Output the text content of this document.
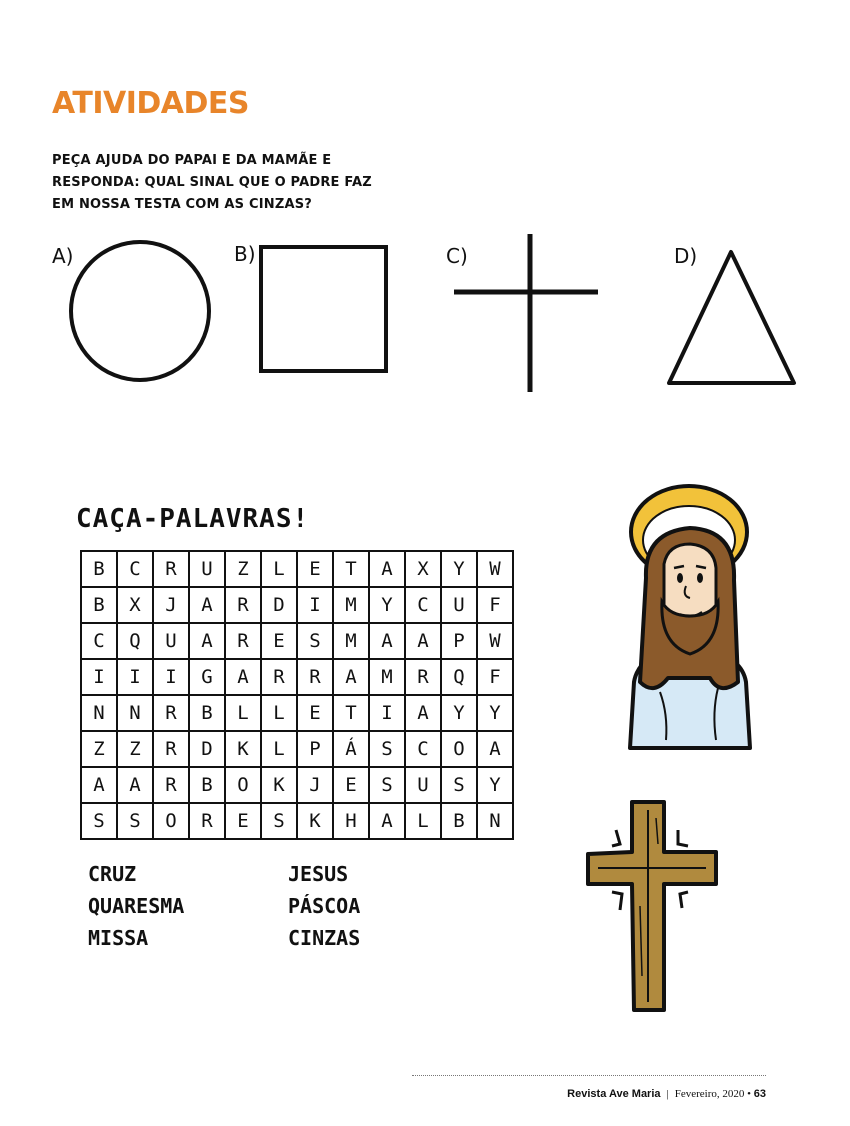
ATIVIDADES

PEÇA AJUDA DO PAPAI E DA MAMÃE E RESPONDA: QUAL SINAL QUE O PADRE FAZ EM NOSSA TESTA COM AS CINZAS?

A)	B)	C)	D)
CAÇA-PALAVRAS!
B	C	R	U	Z	L	E	T	A	X	Y	W
B	X	J	A	R	D	I	M	Y	C	U	F
C	Q	U	A	R	E	S	M	A	A	P	W
I	I	I	G	A	R	R	A	M	R	Q	F
N	N	R	B	L	L	E	T	I	A	Y	Y
Z	Z	R	D	K	L	P	Á	S	C	O	A
A	A	R	B	O	K	J	E	S	U	S	Y
S	S	O	R	E	S	K	H	A	L	B	N
CRUZ	JESUS
QUARESMA	PÁSCOA
MISSA	CINZAS
Revista Ave Maria | Fevereiro, 2020 • 63
